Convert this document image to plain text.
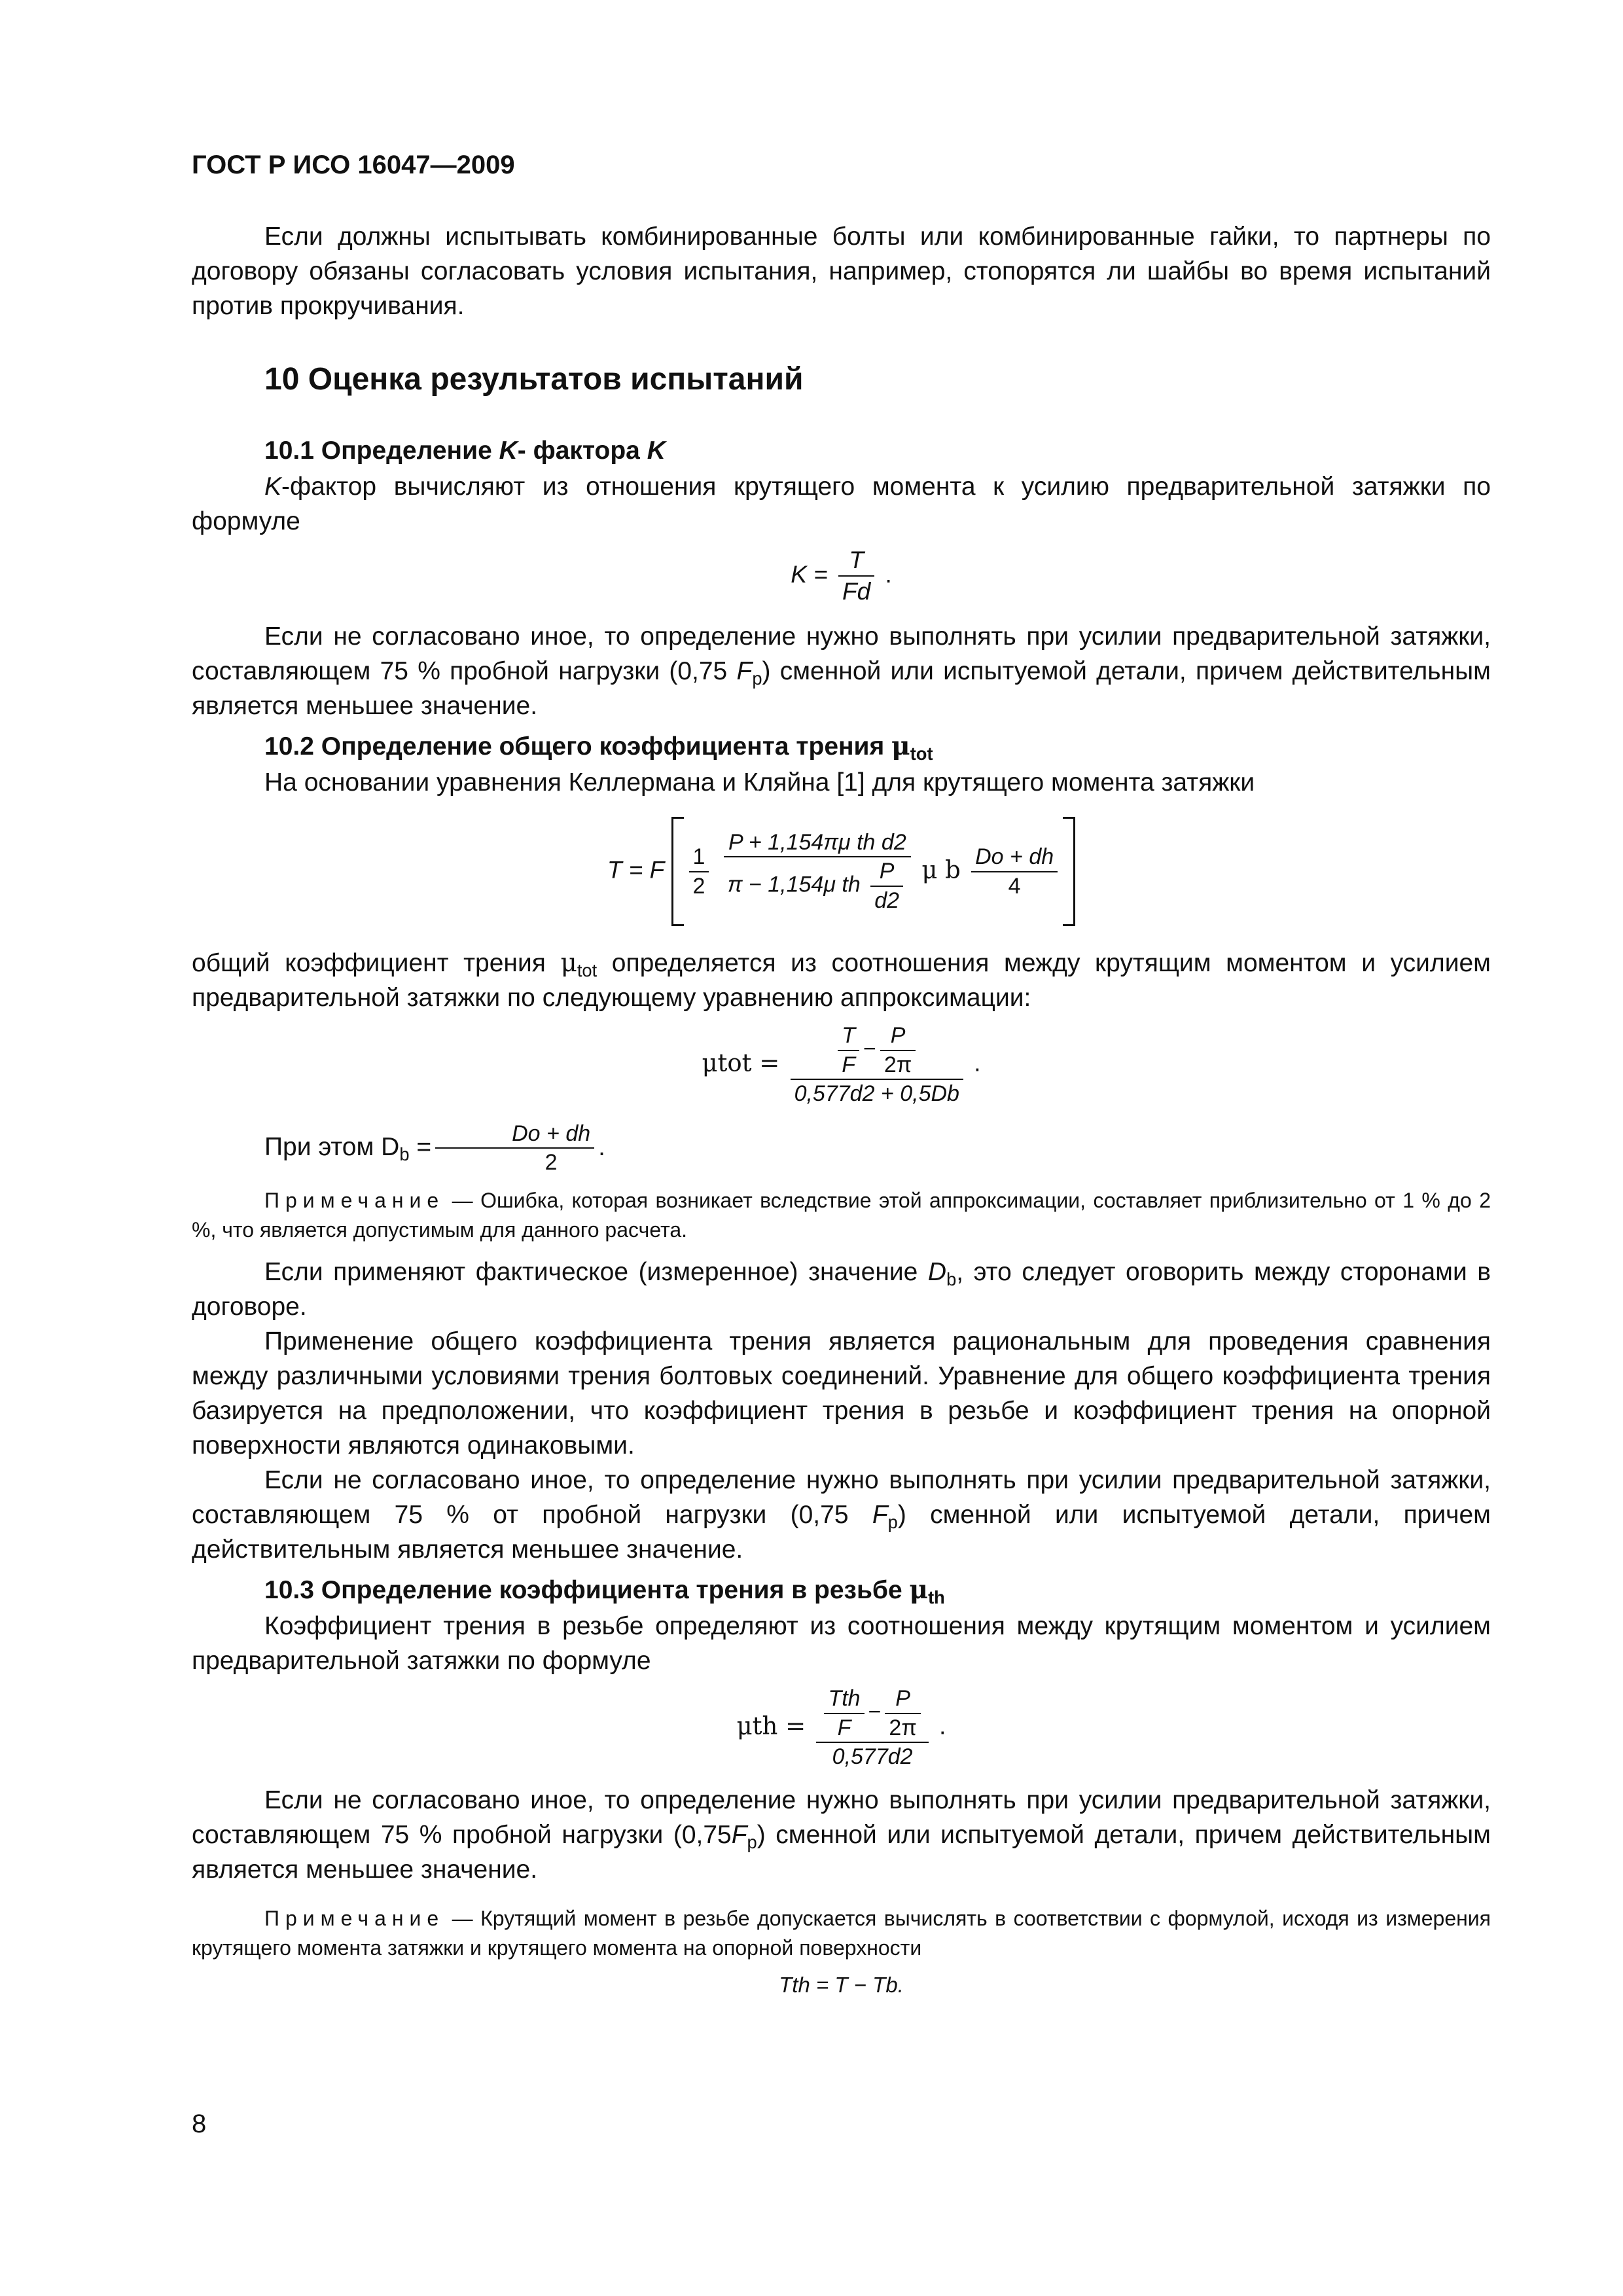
ГОСТ Р ИСО 16047—2009

Если должны испытывать комбинированные болты или комбинированные гайки, то партнеры по договору обязаны согласовать условия испытания, например, стопорятся ли шайбы во время испытаний против прокручивания.

10 Оценка результатов испытаний
10.1 Определение K- фактора K

K-фактор вычисляют из отношения крутящего момента к усилию предварительной затяжки по формуле

$K = \frac{T}{Fd}$ .

Если не согласовано иное, то определение нужно выполнять при усилии предварительной затяжки, составляющем 75 % пробной нагрузки (0,75 $F_p$) сменной или испытуемой детали, причем действительным является меньшее значение.

10.2 Определение общего коэффициента трения $\mu_{tot}$

На основании уравнения Келлермана и Кляйна [1] для крутящего момента затяжки

T = F $\frac{1}{2}$
$\frac{\text{P + 1,154πμ th d2}}{\pi - 1,154\mu th \frac{P}{d2}}$ μ b $\frac{Do + dh}{4}$

общий коэффициент трения $\mu_{tot}$ определяется из соотношения между крутящим моментом и усилием предварительной затяжки по следующему уравнению аппроксимации:

$\mu tot = \frac{\frac{T}{F} - \frac{P}{2\pi}}{0,577d2 + 0,5Db}$ .

При этом $D_b = \frac{Do + dh}{2}$ .

Примечание — Ошибка, которая возникает вследствие этой аппроксимации, составляет приблизительно от 1 % до 2 %, что является допустимым для данного расчета.

Если применяют фактическое (измеренное) значение $D_b$, это следует оговорить между сторонами в договоре.

Применение общего коэффициента трения является рациональным для проведения сравнения между различными условиями трения болтовых соединений. Уравнение для общего коэффициента трения базируется на предположении, что коэффициент трения в резьбе и коэффициент трения на опорной поверхности являются одинаковыми.

Если не согласовано иное, то определение нужно выполнять при усилии предварительной затяжки, составляющем 75 % от пробной нагрузки (0,75 $F_p$) сменной или испытуемой детали, причем действительным является меньшее значение.

10.3 Определение коэффициента трения в резьбе $\mu_{th}$

Коэффициент трения в резьбе определяют из соотношения между крутящим моментом и усилием предварительной затяжки по формуле

$\mu th = \frac{\frac{\text{Tth}}{F} - \frac{P}{2\pi}}{0,577d2}$ .

Если не согласовано иное, то определение нужно выполнять при усилии предварительной затяжки, составляющем 75 % пробной нагрузки $(0,75F_p)$ сменной или испытуемой детали, причем действительным является меньшее значение.

Примечание — Крутящий момент в резьбе допускается вычислять в соответствии с формулой, исходя из измерения крутящего момента затяжки и крутящего момента на опорной поверхности
Tth = T − Tb.
8
